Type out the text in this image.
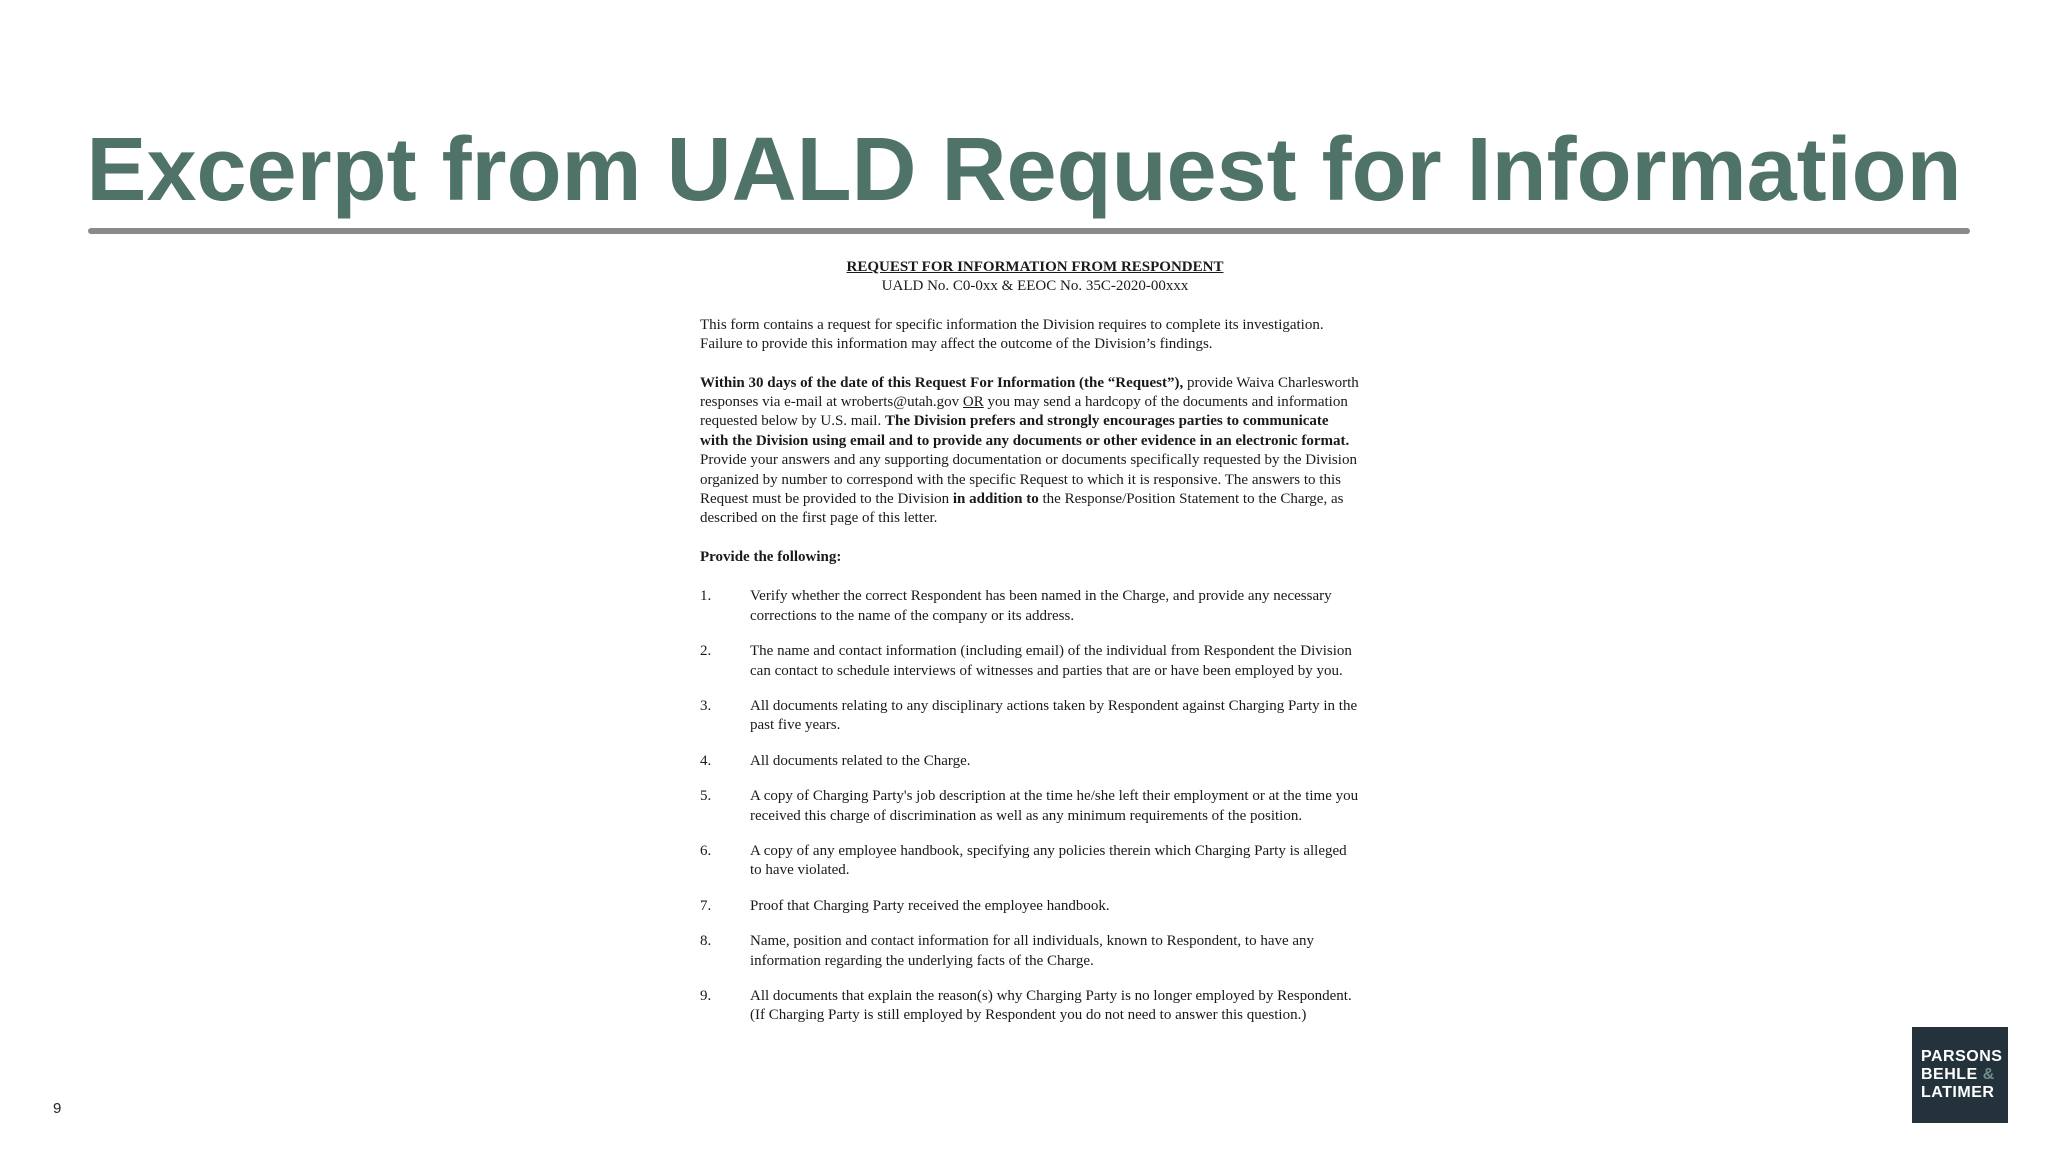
Excerpt from UALD Request for Information
REQUEST FOR INFORMATION FROM RESPONDENT
UALD No. C0-0xx & EEOC No. 35C-2020-00xxx

This form contains a request for specific information the Division requires to complete its investigation. Failure to provide this information may affect the outcome of the Division’s findings.

Within 30 days of the date of this Request For Information (the “Request”), provide Waiva Charlesworth responses via e-mail at wroberts@utah.gov OR you may send a hardcopy of the documents and information requested below by U.S. mail. The Division prefers and strongly encourages parties to communicate with the Division using email and to provide any documents or other evidence in an electronic format. Provide your answers and any supporting documentation or documents specifically requested by the Division organized by number to correspond with the specific Request to which it is responsive. The answers to this Request must be provided to the Division in addition to the Response/Position Statement to the Charge, as described on the first page of this letter.

Provide the following:

1.	Verify whether the correct Respondent has been named in the Charge, and provide any necessary corrections to the name of the company or its address.
2.	The name and contact information (including email) of the individual from Respondent the Division can contact to schedule interviews of witnesses and parties that are or have been employed by you.
3.	All documents relating to any disciplinary actions taken by Respondent against Charging Party in the past five years.
4.	All documents related to the Charge.
5.	A copy of Charging Party's job description at the time he/she left their employment or at the time you received this charge of discrimination as well as any minimum requirements of the position.
6.	A copy of any employee handbook, specifying any policies therein which Charging Party is alleged to have violated.
7.	Proof that Charging Party received the employee handbook.
8.	Name, position and contact information for all individuals, known to Respondent, to have any information regarding the underlying facts of the Charge.
9.	All documents that explain the reason(s) why Charging Party is no longer employed by Respondent. (If Charging Party is still employed by Respondent you do not need to answer this question.)
9
PARSONS
BEHLE &
LATIMER
